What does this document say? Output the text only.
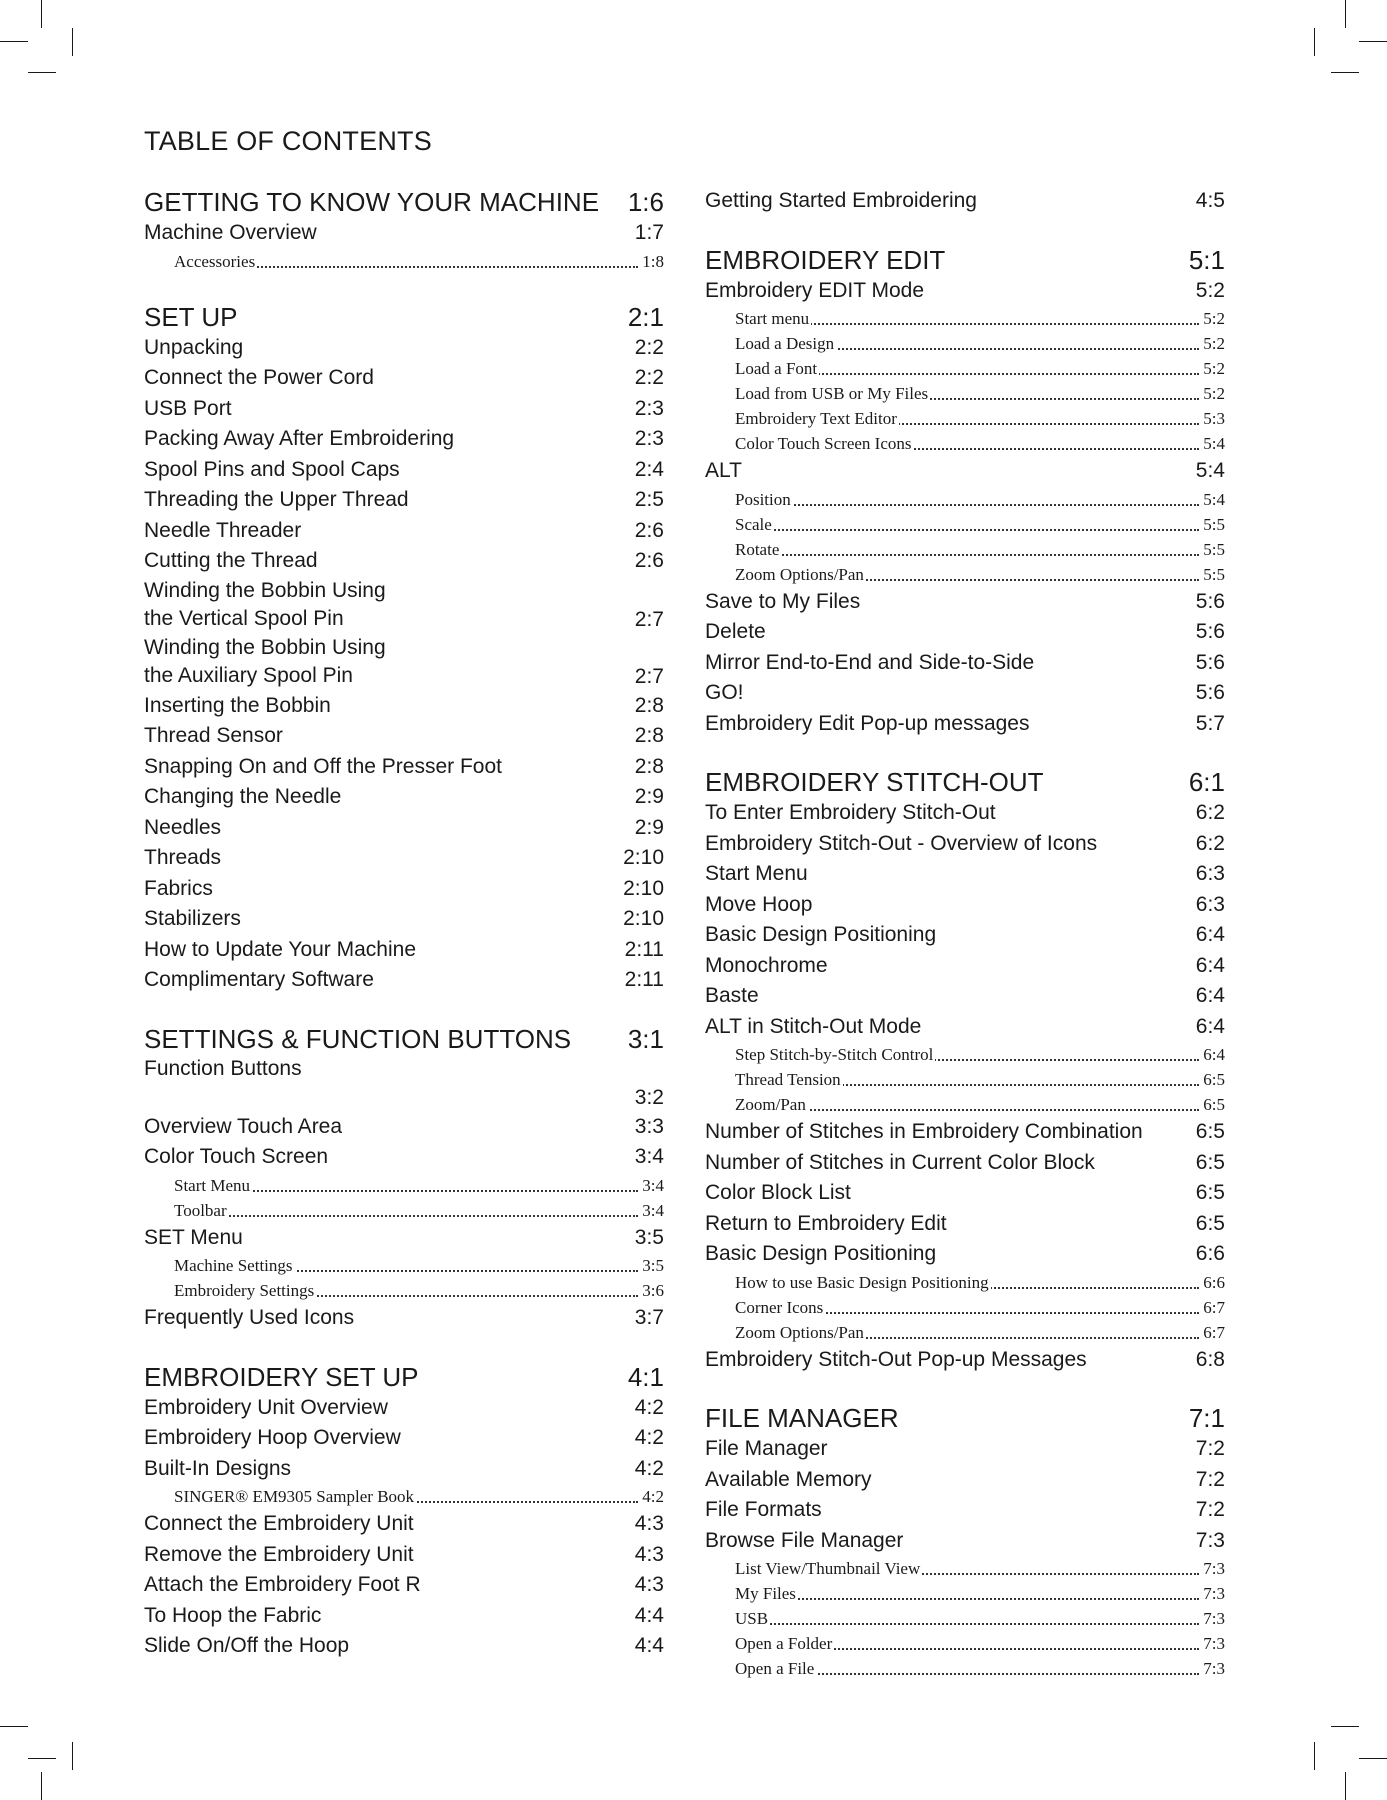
TABLE OF CONTENTS
GETTING TO KNOW YOUR MACHINE	1:6
Machine Overview	1:7
Accessories	1:8
SET UP	2:1
Unpacking	2:2
Connect the Power Cord	2:2
USB Port	2:3
Packing Away After Embroidering	2:3
Spool Pins and Spool Caps	2:4
Threading the Upper Thread	2:5
Needle Threader	2:6
Cutting the Thread	2:6
Winding the Bobbin Using
the Vertical Spool Pin	2:7
Winding the Bobbin Using
the Auxiliary Spool Pin	2:7
Inserting the Bobbin	2:8
Thread Sensor	2:8
Snapping On and Off the Presser Foot	2:8
Changing the Needle	2:9
Needles	2:9
Threads	2:10
Fabrics	2:10
Stabilizers	2:10
How to Update Your Machine	2:11
Complimentary Software	2:11
SETTINGS & FUNCTION BUTTONS	3:1
Function Buttons
3:2
Overview Touch Area	3:3
Color Touch Screen	3:4
Start Menu	3:4
Toolbar	3:4
SET Menu	3:5
Machine Settings	3:5
Embroidery Settings	3:6
Frequently Used Icons	3:7
EMBROIDERY SET UP	4:1
Embroidery Unit Overview	4:2
Embroidery Hoop Overview	4:2
Built-In Designs	4:2
SINGER® EM9305 Sampler Book	4:2
Connect the Embroidery Unit	4:3
Remove the Embroidery Unit	4:3
Attach the Embroidery Foot R	4:3
To Hoop the Fabric	4:4
Slide On/Off the Hoop	4:4
Getting Started Embroidering	4:5
EMBROIDERY EDIT	5:1
Embroidery EDIT Mode	5:2
Start menu	5:2
Load a Design	5:2
Load a Font	5:2
Load from USB or My Files	5:2
Embroidery Text Editor	5:3
Color Touch Screen Icons	5:4
ALT	5:4
Position	5:4
Scale	5:5
Rotate	5:5
Zoom Options/Pan	5:5
Save to My Files	5:6
Delete	5:6
Mirror End-to-End and Side-to-Side	5:6
GO!	5:6
Embroidery Edit Pop-up messages	5:7
EMBROIDERY STITCH-OUT	6:1
To Enter Embroidery Stitch-Out	6:2
Embroidery Stitch-Out - Overview of Icons	6:2
Start Menu	6:3
Move Hoop	6:3
Basic Design Positioning	6:4
Monochrome	6:4
Baste	6:4
ALT in Stitch-Out Mode	6:4
Step Stitch-by-Stitch Control	6:4
Thread Tension	6:5
Zoom/Pan	6:5
Number of Stitches in Embroidery Combination	6:5
Number of Stitches in Current Color Block	6:5
Color Block List	6:5
Return to Embroidery Edit	6:5
Basic Design Positioning	6:6
How to use Basic Design Positioning	6:6
Corner Icons	6:7
Zoom Options/Pan	6:7
Embroidery Stitch-Out Pop-up Messages	6:8
FILE MANAGER	7:1
File Manager	7:2
Available Memory	7:2
File Formats	7:2
Browse File Manager	7:3
List View/Thumbnail View	7:3
My Files	7:3
USB	7:3
Open a Folder	7:3
Open a File	7:3
